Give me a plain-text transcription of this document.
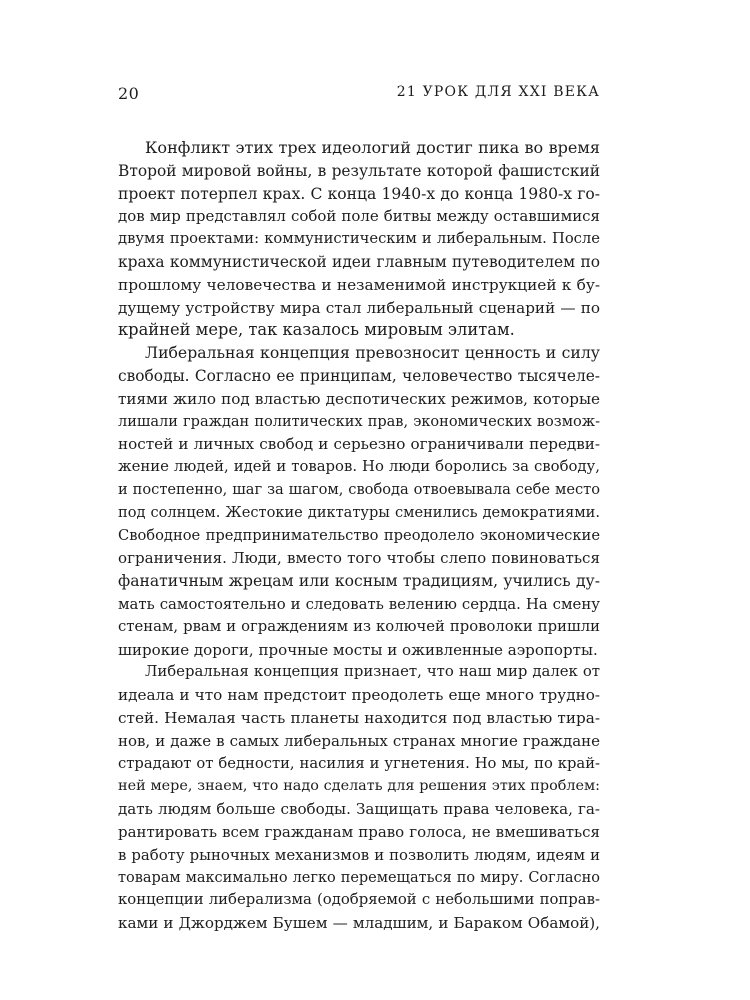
20	21 УРОК ДЛЯ XXI ВЕКА
Конфликт этих трех идеологий достиг пика во время
Второй мировой войны, в результате которой фашистский
проект потерпел крах. С конца 1940-х до конца 1980-х го-
дов мир представлял собой поле битвы между оставшимися
двумя проектами: коммунистическим и либеральным. После
краха коммунистической идеи главным путеводителем по
прошлому человечества и незаменимой инструкцией к бу-
дущему устройству мира стал либеральный сценарий — по
крайней мере, так казалось мировым элитам.
Либеральная концепция превозносит ценность и силу
свободы. Согласно ее принципам, человечество тысячеле-
тиями жило под властью деспотических режимов, которые
лишали граждан политических прав, экономических возмож-
ностей и личных свобод и серьезно ограничивали передви-
жение людей, идей и товаров. Но люди боролись за свободу,
и постепенно, шаг за шагом, свобода отвоевывала себе место
под солнцем. Жестокие диктатуры сменились демократиями.
Свободное предпринимательство преодолело экономические
ограничения. Люди, вместо того чтобы слепо повиноваться
фанатичным жрецам или косным традициям, учились ду-
мать самостоятельно и следовать велению сердца. На смену
стенам, рвам и ограждениям из колючей проволоки пришли
широкие дороги, прочные мосты и оживленные аэропорты.
Либеральная концепция признает, что наш мир далек от
идеала и что нам предстоит преодолеть еще много трудно-
стей. Немалая часть планеты находится под властью тира-
нов, и даже в самых либеральных странах многие граждане
страдают от бедности, насилия и угнетения. Но мы, по край-
ней мере, знаем, что надо сделать для решения этих проблем:
дать людям больше свободы. Защищать права человека, га-
рантировать всем гражданам право голоса, не вмешиваться
в работу рыночных механизмов и позволить людям, идеям и
товарам максимально легко перемещаться по миру. Согласно
концепции либерализма (одобряемой с небольшими поправ-
ками и Джорджем Бушем — младшим, и Бараком Обамой),
